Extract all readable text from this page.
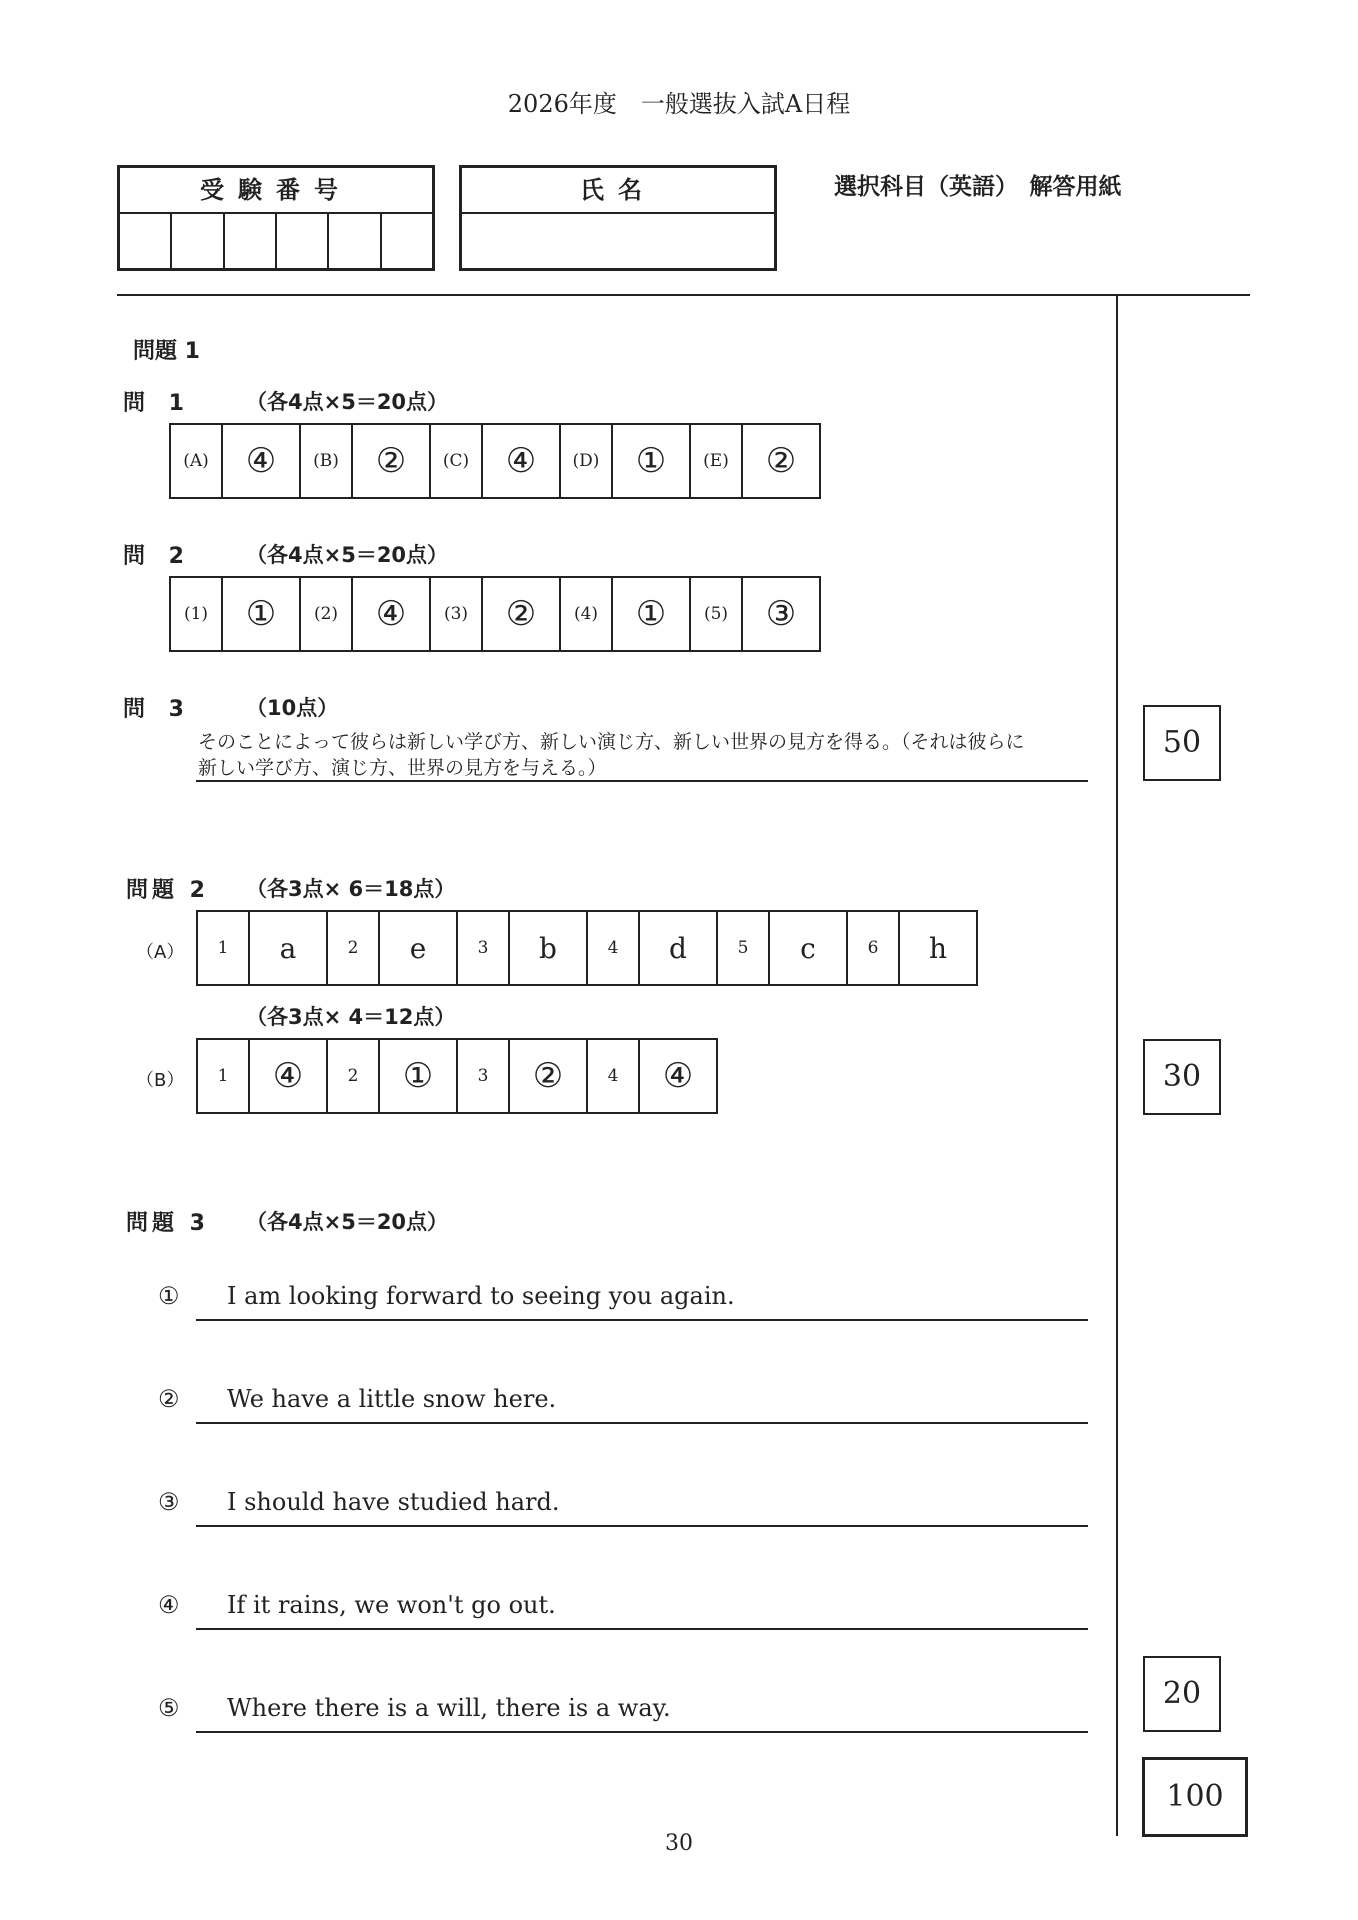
2026年度　一般選抜入試A日程
受験番号	氏名	選択科目（英語）　解答用紙
問題 1
問 1	（各4点×5＝20点）
(A)	④	(B)	②	(C)	④	(D)	①	(E)	②
問 2	（各4点×5＝20点）
(1)	①	(2)	④	(3)	②	(4)	①	(5)	③
問 3	（10点）
そのことによって彼らは新しい学び方、新しい演じ方、新しい世界の見方を得る。（それは彼らに
新しい学び方、演じ方、世界の見方を与える。）
50
問題 2 （各3点× 6＝18点）
（A） 1	a	2	e	3	b	4	d	5	c	6	h
（各3点× 4＝12点）
（B） 1	④	2	①	3	②	4	④	30
問題 3 （各4点×5＝20点）
① I am looking forward to seeing you again.
② We have a little snow here.
③ I should have studied hard.
④ If it rains, we won't go out.
⑤ Where there is a will, there is a way.	20
100
30
